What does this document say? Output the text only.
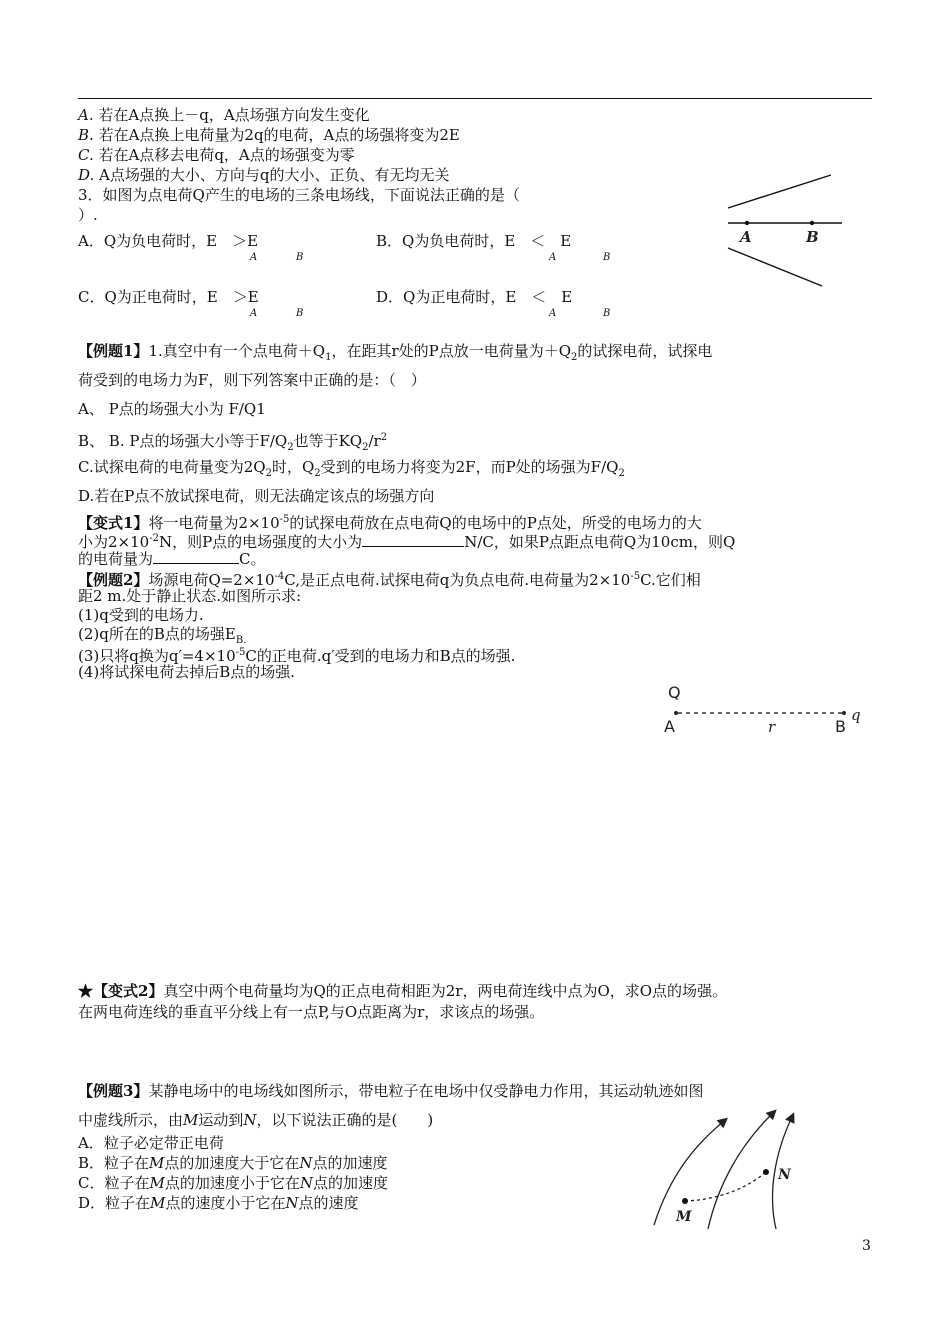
A. 若在A点换上－q，A点场强方向发生变化
B. 若在A点换上电荷量为2q的电荷，A点的场强将变为2E
C. 若在A点移去电荷q，A点的场强变为零
D. A点场强的大小、方向与q的大小、正负、有无均无关
3．如图为点电荷Q产生的电场的三条电场线，下面说法正确的是（
）.
A．Q为负电荷时，E　＞E
A	B
B．Q为负电荷时，E　＜　E
A	B
C．Q为正电荷时，E　＞E
A	B
D．Q为正电荷时，E　＜　E
A	B
A	B
【例题1】1.真空中有一个点电荷$+Q_1$，在距其r处的P点放一电荷量为$+Q_2$的试探电荷，试探电
荷受到的电场力为F，则下列答案中正确的是：（　）
A、 P点的场强大小为 F/Q1
B、 B. P点的场强大小等于$F/Q_2$也等于$KQ_2/r^2$
C.试探电荷的电荷量变为$2Q_2$时，$Q_2$受到的电场力将变为2F，而P处的场强为$F/Q_2$
D.若在P点不放试探电荷，则无法确定该点的场强方向
【变式1】将一电荷量为$2\times 10^{-5}$的试探电荷放在点电荷Q的电场中的P点处，所受的电场力的大
小为$2\times 10^{-2}N$，则P点的电场强度的大小为	N/C，如果P点距点电荷Q为10cm，则Q
的电荷量为	C。
【例题2】场源电荷$Q=2\times 10^{-4}C$,是正点电荷.试探电荷q为负点电荷.电荷量为$2\times 10^{-5}C$.它们相
距2 m.处于静止状态.如图所示求:
(1)q受到的电场力.
(2)q所在的B点的场强$E_{B.}$
(3)只将q换为$q'=4\times 10^{-5}C$的正电荷.q′受到的电场力和B点的场强.
(4)将试探电荷去掉后B点的场强.
Q
A	r	B
q
★【变式2】真空中两个电荷量均为Q的正点电荷相距为2r，两电荷连线中点为O，求O点的场强。
在两电荷连线的垂直平分线上有一点P,与O点距离为r，求该点的场强。
【例题3】某静电场中的电场线如图所示，带电粒子在电场中仅受静电力作用，其运动轨迹如图
中虚线所示，由M运动到N，以下说法正确的是(　　)
A．粒子必定带正电荷
B．粒子在M点的加速度大于它在N点的加速度
C．粒子在M点的加速度小于它在N点的加速度
D．粒子在M点的速度小于它在N点的速度
M
N
3
